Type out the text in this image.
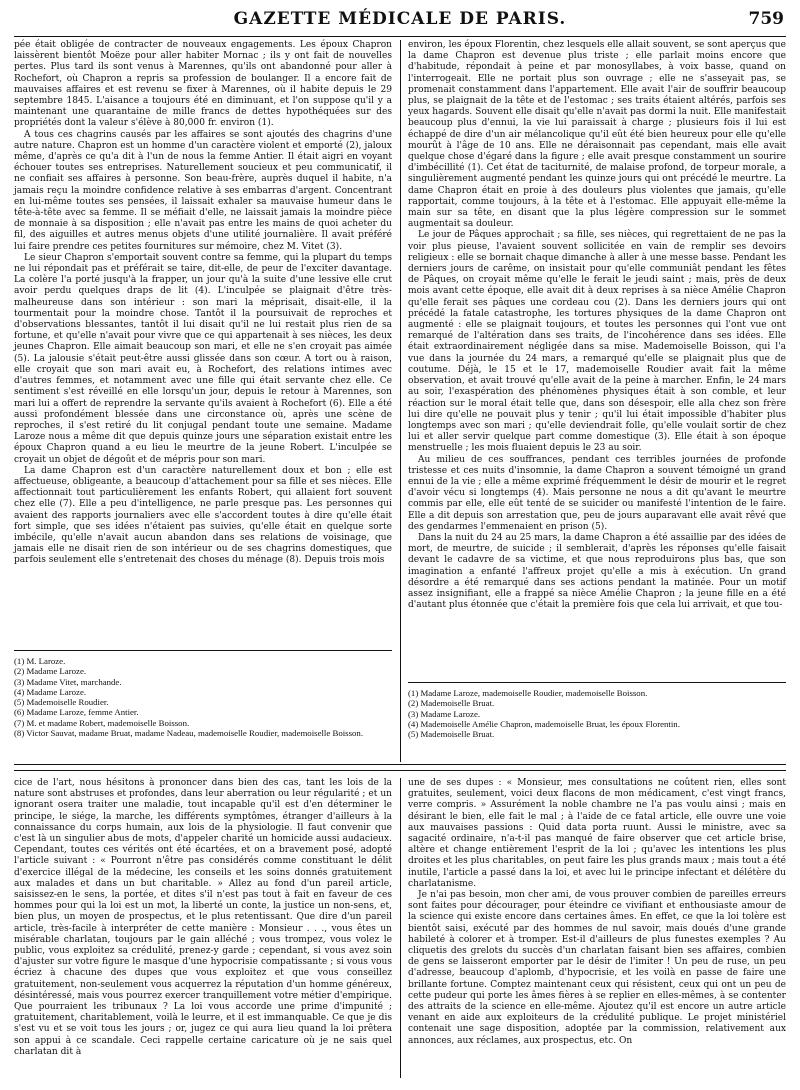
GAZETTE MÉDICALE DE PARIS.	759

pée était obligée de contracter de nouveaux engagements. Les époux Chapron laissèrent bientôt Moëze pour aller habiter Mornac ; ils y ont fait de nouvelles pertes. Plus tard ils sont venus à Marennes, qu'ils ont abandonné pour aller à Rochefort, où Chapron a repris sa profession de boulanger. Il a encore fait de mauvaises affaires et est revenu se fixer à Marennes, où il habite depuis le 29 septembre 1845. L'aisance a toujours été en diminuant, et l'on suppose qu'il y a maintenant une quarantaine de mille francs de dettes hypothéquées sur des propriétés dont la valeur s'élève à 80,000 fr. environ (1).

A tous ces chagrins causés par les affaires se sont ajoutés des chagrins d'une autre nature. Chapron est un homme d'un caractère violent et emporté (2), jaloux même, d'après ce qu'a dit à l'un de nous la femme Antier. Il était aigri en voyant échouer toutes ses entreprises. Naturellement soucieux et peu communicatif, il ne confiait ses affaires à personne. Son beau-frère, auprès duquel il habite, n'a jamais reçu la moindre confidence relative à ses embarras d'argent. Concentrant en lui-même toutes ses pensées, il laissait exhaler sa mauvaise humeur dans le tête-à-tête avec sa femme. Il se méfiait d'elle, ne laissait jamais la moindre pièce de monnaie à sa disposition ; elle n'avait pas entre les mains de quoi acheter du fil, des aiguilles et autres menus objets d'une utilité journalière. Il avait préféré lui faire prendre ces petites fournitures sur mémoire, chez M. Vitet (3).

Le sieur Chapron s'emportait souvent contre sa femme, qui la plupart du temps ne lui répondait pas et préférait se taire, dit-elle, de peur de l'exciter davantage. La colère l'a porté jusqu'à la frapper, un jour qu'à la suite d'une lessive elle crut avoir perdu quelques draps de lit (4). L'inculpée se plaignait d'être très-malheureuse dans son intérieur : son mari la méprisait, disait-elle, il la tourmentait pour la moindre chose. Tantôt il la poursuivait de reproches et d'observations blessantes, tantôt il lui disait qu'il ne lui restait plus rien de sa fortune, et qu'elle n'avait pour vivre que ce qui appartenait à ses nièces, les deux jeunes Chapron. Elle aimait beaucoup son mari, et elle ne s'en croyait pas aimée (5). La jalousie s'était peut-être aussi glissée dans son cœur. A tort ou à raison, elle croyait que son mari avait eu, à Rochefort, des relations intimes avec d'autres femmes, et notamment avec une fille qui était servante chez elle. Ce sentiment s'est réveillé en elle lorsqu'un jour, depuis le retour à Marennes, son mari lui a offert de reprendre la servante qu'ils avaient à Rochefort (6). Elle a été aussi profondément blessée dans une circonstance où, après une scène de reproches, il s'est retiré du lit conjugal pendant toute une semaine. Madame Laroze nous a même dit que depuis quinze jours une séparation existait entre les époux Chapron quand a eu lieu le meurtre de la jeune Robert. L'inculpée se croyait un objet de dégoût et de mépris pour son mari.

La dame Chapron est d'un caractère naturellement doux et bon ; elle est affectueuse, obligeante, a beaucoup d'attachement pour sa fille et ses nièces. Elle affectionnait tout particulièrement les enfants Robert, qui allaient fort souvent chez elle (7). Elle a peu d'intelligence, ne parle presque pas. Les personnes qui avaient des rapports journaliers avec elle s'accordent toutes à dire qu'elle était fort simple, que ses idées n'étaient pas suivies, qu'elle était en quelque sorte imbécile, qu'elle n'avait aucun abandon dans ses relations de voisinage, que jamais elle ne disait rien de son intérieur ou de ses chagrins domestiques, que parfois seulement elle s'entretenait des choses du ménage (8). Depuis trois mois

environ, les époux Florentin, chez lesquels elle allait souvent, se sont aperçus que la dame Chapron est devenue plus triste ; elle parlait moins encore que d'habitude, répondait à peine et par monosyllabes, à voix basse, quand on l'interrogeait. Elle ne portait plus son ouvrage ; elle ne s'asseyait pas, se promenait constamment dans l'appartement. Elle avait l'air de souffrir beaucoup plus, se plaignait de la tête et de l'estomac ; ses traits étaient altérés, parfois ses yeux hagards. Souvent elle disait qu'elle n'avait pas dormi la nuit. Elle manifestait beaucoup plus d'ennui, la vie lui paraissait à charge ; plusieurs fois il lui est échappé de dire d'un air mélancolique qu'il eût été bien heureux pour elle qu'elle mourût à l'âge de 10 ans. Elle ne déraisonnait pas cependant, mais elle avait quelque chose d'égaré dans la figure ; elle avait presque constamment un sourire d'imbécillité (1). Cet état de taciturnité, de malaise profond, de torpeur morale, a singulièrement augmenté pendant les quinze jours qui ont précédé le meurtre. La dame Chapron était en proie à des douleurs plus violentes que jamais, qu'elle rapportait, comme toujours, à la tête et à l'estomac. Elle appuyait elle-même la main sur sa tête, en disant que la plus légère compression sur le sommet augmentait sa douleur.

Le jour de Pâques approchait ; sa fille, ses nièces, qui regrettaient de ne pas la voir plus pieuse, l'avaient souvent sollicitée en vain de remplir ses devoirs religieux : elle se bornait chaque dimanche à aller à une messe basse. Pendant les derniers jours de carême, on insistait pour qu'elle communiât pendant les fêtes de Pâques, on croyait même qu'elle le ferait le jeudi saint ; mais, près de deux mois avant cette époque, elle avait dit à deux reprises à sa nièce Amélie Chapron qu'elle ferait ses pâques une cordeau cou (2). Dans les derniers jours qui ont précédé la fatale catastrophe, les tortures physiques de la dame Chapron ont augmenté : elle se plaignait toujours, et toutes les personnes qui l'ont vue ont remarqué de l'altération dans ses traits, de l'incohérence dans ses idées. Elle était extraordinairement négligée dans sa mise. Mademoiselle Boisson, qui l'a vue dans la journée du 24 mars, a remarqué qu'elle se plaignait plus que de coutume. Déjà, le 15 et le 17, mademoiselle Roudier avait fait la même observation, et avait trouvé qu'elle avait de la peine à marcher. Enfin, le 24 mars au soir, l'exaspération des phénomènes physiques était à son comble, et leur réaction sur le moral était telle que, dans son désespoir, elle alla chez son frère lui dire qu'elle ne pouvait plus y tenir ; qu'il lui était impossible d'habiter plus longtemps avec son mari ; qu'elle deviendrait folle, qu'elle voulait sortir de chez lui et aller servir quelque part comme domestique (3). Elle était à son époque menstruelle ; les mois fluaient depuis le 23 au soir.

Au milieu de ces souffrances, pendant ces terribles journées de profonde tristesse et ces nuits d'insomnie, la dame Chapron a souvent témoigné un grand ennui de la vie ; elle a même exprimé fréquemment le désir de mourir et le regret d'avoir vécu si longtemps (4). Mais personne ne nous a dit qu'avant le meurtre commis par elle, elle eût tenté de se suicider ou manifesté l'intention de le faire. Elle a dit depuis son arrestation que, peu de jours auparavant elle avait rêvé que des gendarmes l'emmenaient en prison (5).

Dans la nuit du 24 au 25 mars, la dame Chapron a été assaillie par des idées de mort, de meurtre, de suicide ; il semblerait, d'après les réponses qu'elle faisait devant le cadavre de sa victime, et que nous reproduirons plus bas, que son imagination a enfanté l'affreux projet qu'elle a mis à exécution. Un grand désordre a été remarqué dans ses actions pendant la matinée. Pour un motif assez insignifiant, elle a frappé sa nièce Amélie Chapron ; la jeune fille en a été d'autant plus étonnée que c'était la première fois que cela lui arrivait, et que tou-

(1) M. Laroze.
(2) Madame Laroze.
(3) Madame Vitet, marchande.
(4) Madame Laroze.
(5) Mademoiselle Roudier.
(6) Madame Laroze, femme Antier.
(7) M. et madame Robert, mademoiselle Boisson.
(8) Victor Sauvat, madame Bruat, madame Nadeau, mademoiselle Roudier, mademoiselle Boisson.
(1) Madame Laroze, mademoiselle Roudier, mademoiselle Boisson.
(2) Mademoiselle Bruat.
(3) Madame Laroze.
(4) Mademoiselle Amélie Chapron, mademoiselle Bruat, les époux Florentin.
(5) Mademoiselle Bruat.

cice de l'art, nous hésitons à prononcer dans bien des cas, tant les lois de la nature sont abstruses et profondes, dans leur aberration ou leur régularité ; et un ignorant osera traiter une maladie, tout incapable qu'il est d'en déterminer le principe, le siége, la marche, les différents symptômes, étranger d'ailleurs à la connaissance du corps humain, aux lois de la physiologie. Il faut convenir que c'est là un singulier abus de mots, d'appeler charité un homicide aussi audacieux. Cependant, toutes ces vérités ont été écartées, et on a bravement posé, adopté l'article suivant : « Pourront n'être pas considérés comme constituant le délit d'exercice illégal de la médecine, les conseils et les soins donnés gratuitement aux malades et dans un but charitable. » Allez au fond d'un pareil article, saisissez-en le sens, la portée, et dites s'il n'est pas tout à fait en faveur de ces hommes pour qui la loi est un mot, la liberté un conte, la justice un non-sens, et, bien plus, un moyen de prospectus, et le plus retentissant. Que dire d'un pareil article, très-facile à interpréter de cette manière : Monsieur . . ., vous êtes un misérable charlatan, toujours par le gain alléché ; vous trompez, vous volez le public, vous exploitez sa crédulité, prenez-y garde ; cependant, si vous avez soin d'ajuster sur votre figure le masque d'une hypocrisie compatissante ; si vous vous écriez à chacune des dupes que vous exploitez et que vous conseillez gratuitement, non-seulement vous acquerrez la réputation d'un homme généreux, désintéressé, mais vous pourrez exercer tranquillement votre métier d'empirique. Que pourraient les tribunaux ? La loi vous accorde une prime d'impunité ; gratuitement, charitablement, voilà le leurre, et il est immanquable. Ce que je dis s'est vu et se voit tous les jours ; or, jugez ce qui aura lieu quand la loi prêtera son appui à ce scandale. Ceci rappelle certaine caricature où je ne sais quel charlatan dit à

une de ses dupes : « Monsieur, mes consultations ne coûtent rien, elles sont gratuites, seulement, voici deux flacons de mon médicament, c'est vingt francs, verre compris. » Assurément la noble chambre ne l'a pas voulu ainsi ; mais en désirant le bien, elle fait le mal ; à l'aide de ce fatal article, elle ouvre une voie aux mauvaises passions : Quid data porta ruunt. Aussi le ministre, avec sa sagacité ordinaire, n'a-t-il pas manqué de faire observer que cet article brise, altère et change entièrement l'esprit de la loi ; qu'avec les intentions les plus droites et les plus charitables, on peut faire les plus grands maux ; mais tout a été inutile, l'article a passé dans la loi, et avec lui le principe infectant et délétère du charlatanisme.

Je n'ai pas besoin, mon cher ami, de vous prouver combien de pareilles erreurs sont faites pour décourager, pour éteindre ce vivifiant et enthousiaste amour de la science qui existe encore dans certaines âmes. En effet, ce que la loi tolère est bientôt saisi, exécuté par des hommes de nul savoir, mais doués d'une grande habileté à colorer et à tromper. Est-il d'ailleurs de plus funestes exemples ? Au cliquetis des grelots du succès d'un charlatan faisant bien ses affaires, combien de gens se laisseront emporter par le désir de l'imiter ! Un peu de ruse, un peu d'adresse, beaucoup d'aplomb, d'hypocrisie, et les voilà en passe de faire une brillante fortune. Comptez maintenant ceux qui résistent, ceux qui ont un peu de cette pudeur qui porte les âmes fières à se replier en elles-mêmes, à se contenter des attraits de la science en elle-même. Ajoutez qu'il est encore un autre article venant en aide aux exploiteurs de la crédulité publique. Le projet ministériel contenait une sage disposition, adoptée par la commission, relativement aux annonces, aux réclames, aux prospectus, etc. On
